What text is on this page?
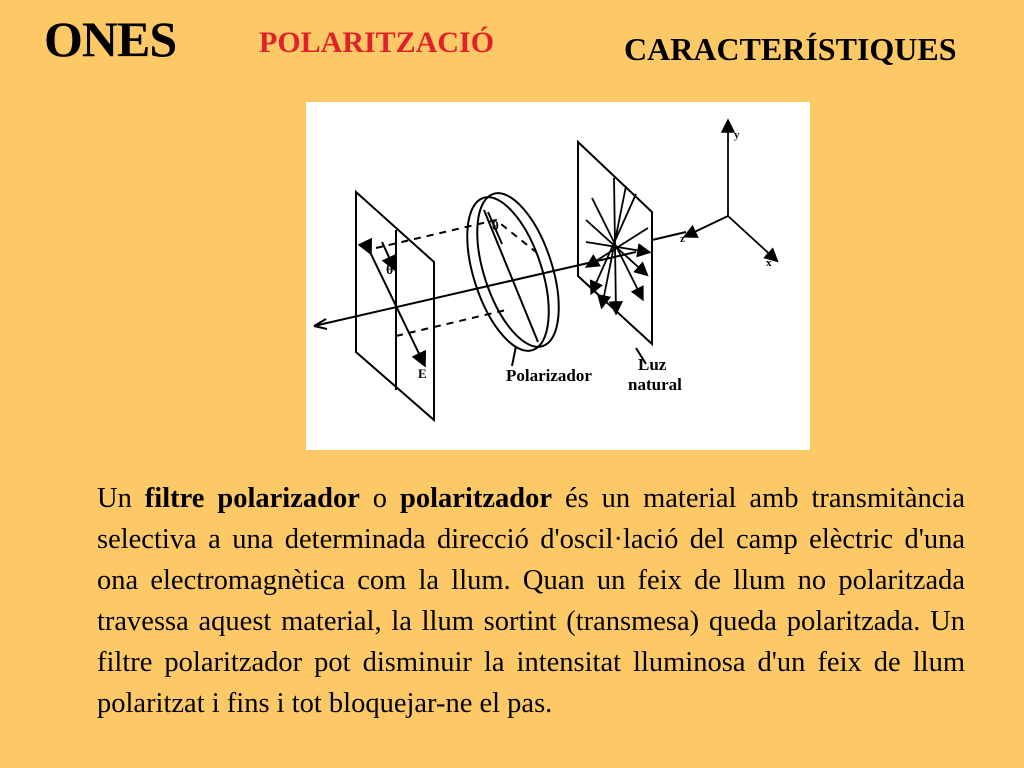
ONES	POLARITZACIÓ	CARACTERÍSTIQUES
θ
θ
E	Polarizador
Luz
natural
y
z
x

Un filtre polarizador o polaritzador és un material amb transmitància selectiva a una determinada direcció d'oscil·lació del camp elèctric d'una ona electromagnètica com la llum. Quan un feix de llum no polaritzada travessa aquest material, la llum sortint (transmesa) queda polaritzada. Un filtre polaritzador pot disminuir la intensitat lluminosa d'un feix de llum polaritzat i fins i tot bloquejar-ne el pas.
